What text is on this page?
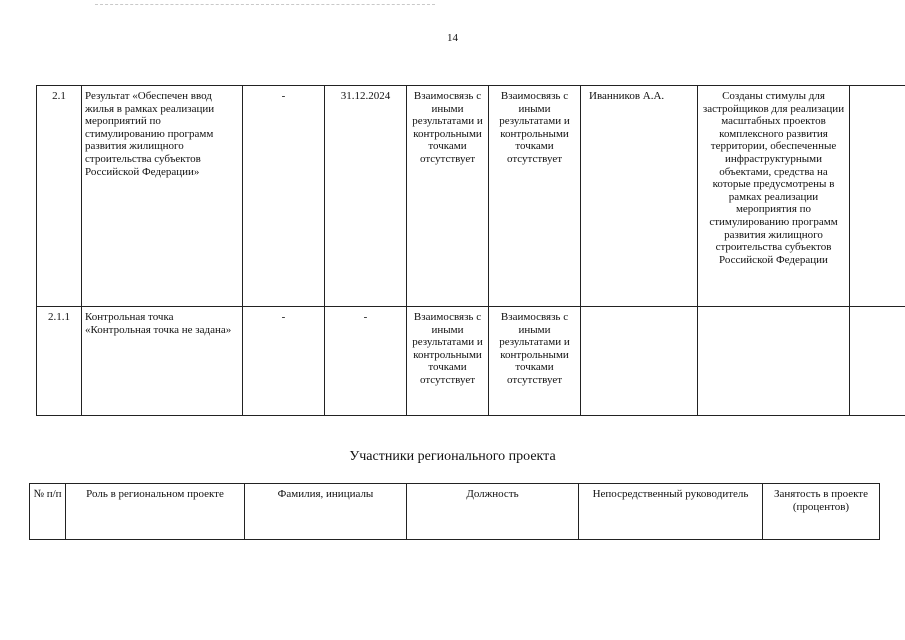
14
2.1	Результат «Обеспечен ввод жилья в рамках реализации мероприятий по стимулированию программ развития жилищного строительства субъектов Российской Федерации»	-	31.12.2024	Взаимосвязь с иными результатами и контрольными точками отсутствует	Взаимосвязь с иными результатами и контрольными точками отсутствует	Иванников А.А.	Созданы стимулы для застройщиков для реализации масштабных проектов комплексного развития территории, обеспеченные инфраструктурными объектами, средства на которые предусмотрены в рамках реализации мероприятия по стимулированию программ развития жилищного строительства субъектов Российской Федерации	
2.1.1	Контрольная точка «Контрольная точка не задана»	-	-	Взаимосвязь с иными результатами и контрольными точками отсутствует	Взаимосвязь с иными результатами и контрольными точками отсутствует			
Участники регионального проекта
№ п/п	Роль в региональном проекте	Фамилия, инициалы	Должность	Непосредственный руководитель	Занятость в проекте (процентов)
